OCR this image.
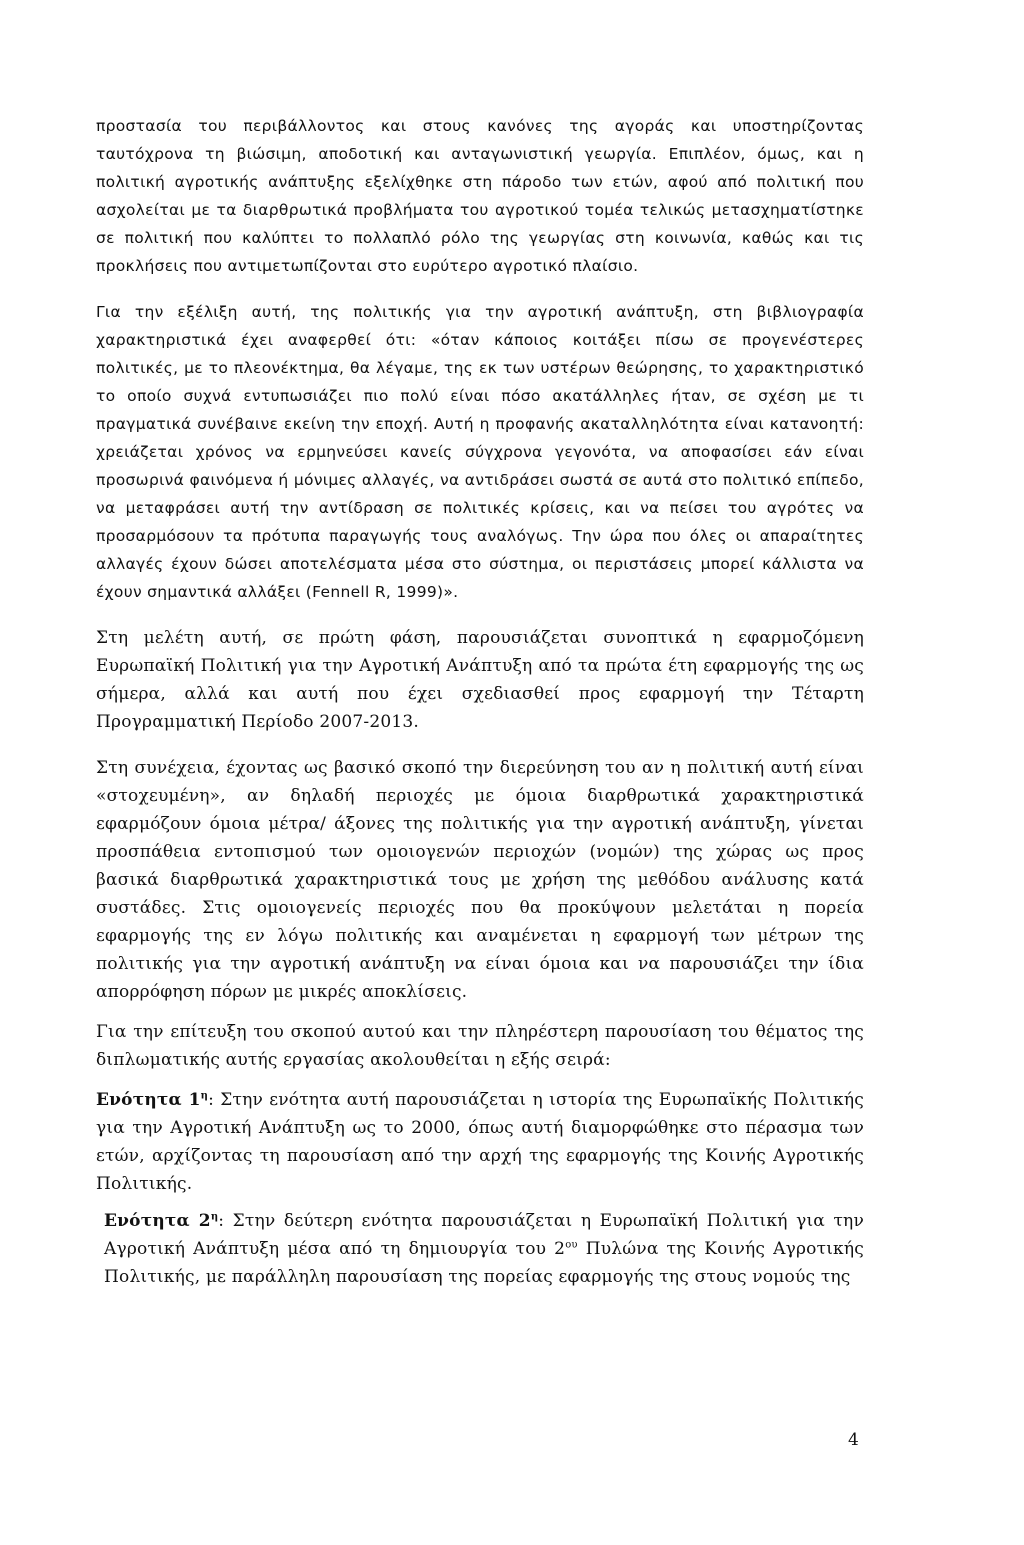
προστασία του περιβάλλοντος και στους κανόνες της αγοράς και υποστηρίζοντας ταυτόχρονα τη βιώσιμη, αποδοτική και ανταγωνιστική γεωργία. Επιπλέον, όμως, και η πολιτική αγροτικής ανάπτυξης εξελίχθηκε στη πάροδο των ετών, αφού από πολιτική που ασχολείται με τα διαρθρωτικά προβλήματα του αγροτικού τομέα τελικώς μετασχηματίστηκε σε πολιτική που καλύπτει το πολλαπλό ρόλο της γεωργίας στη κοινωνία, καθώς και τις προκλήσεις που αντιμετωπίζονται στο ευρύτερο αγροτικό πλαίσιο.

Για την εξέλιξη αυτή, της πολιτικής για την αγροτική ανάπτυξη, στη βιβλιογραφία χαρακτηριστικά έχει αναφερθεί ότι: «όταν κάποιος κοιτάξει πίσω σε προγενέστερες πολιτικές, με το πλεονέκτημα, θα λέγαμε, της εκ των υστέρων θεώρησης, το χαρακτηριστικό το οποίο συχνά εντυπωσιάζει πιο πολύ είναι πόσο ακατάλληλες ήταν, σε σχέση με τι πραγματικά συνέβαινε εκείνη την εποχή. Αυτή η προφανής ακαταλληλότητα είναι κατανοητή: χρειάζεται χρόνος να ερμηνεύσει κανείς σύγχρονα γεγονότα, να αποφασίσει εάν είναι προσωρινά φαινόμενα ή μόνιμες αλλαγές, να αντιδράσει σωστά σε αυτά στο πολιτικό επίπεδο, να μεταφράσει αυτή την αντίδραση σε πολιτικές κρίσεις, και να πείσει του αγρότες να προσαρμόσουν τα πρότυπα παραγωγής τους αναλόγως. Την ώρα που όλες οι απαραίτητες αλλαγές έχουν δώσει αποτελέσματα μέσα στο σύστημα, οι περιστάσεις μπορεί κάλλιστα να έχουν σημαντικά αλλάξει (Fennell R, 1999)».

Στη μελέτη αυτή, σε πρώτη φάση, παρουσιάζεται συνοπτικά η εφαρμοζόμενη Ευρωπαϊκή Πολιτική για την Αγροτική Ανάπτυξη από τα πρώτα έτη εφαρμογής της ως σήμερα, αλλά και αυτή που έχει σχεδιασθεί προς εφαρμογή την Τέταρτη Προγραμματική Περίοδο 2007-2013.

Στη συνέχεια, έχοντας ως βασικό σκοπό την διερεύνηση του αν η πολιτική αυτή είναι «στοχευμένη», αν δηλαδή περιοχές με όμοια διαρθρωτικά χαρακτηριστικά εφαρμόζουν όμοια μέτρα/ άξονες της πολιτικής για την αγροτική ανάπτυξη, γίνεται προσπάθεια εντοπισμού των ομοιογενών περιοχών (νομών) της χώρας ως προς βασικά διαρθρωτικά χαρακτηριστικά τους με χρήση της μεθόδου ανάλυσης κατά συστάδες. Στις ομοιογενείς περιοχές που θα προκύψουν μελετάται η πορεία εφαρμογής της εν λόγω πολιτικής και αναμένεται η εφαρμογή των μέτρων της πολιτικής για την αγροτική ανάπτυξη να είναι όμοια και να παρουσιάζει την ίδια απορρόφηση πόρων με μικρές αποκλίσεις.

Για την επίτευξη του σκοπού αυτού και την πληρέστερη παρουσίαση του θέματος της διπλωματικής αυτής εργασίας ακολουθείται η εξής σειρά:

Ενότητα $1^\eta$: Στην ενότητα αυτή παρουσιάζεται η ιστορία της Ευρωπαϊκής Πολιτικής για την Αγροτική Ανάπτυξη ως το 2000, όπως αυτή διαμορφώθηκε στο πέρασμα των ετών, αρχίζοντας τη παρουσίαση από την αρχή της εφαρμογής της Κοινής Αγροτικής Πολιτικής.

Ενότητα $2^\eta$: Στην δεύτερη ενότητα παρουσιάζεται η Ευρωπαϊκή Πολιτική για την Αγροτική Ανάπτυξη μέσα από τη δημιουργία του $2^{o\upsilon}$ Πυλώνα της Κοινής Αγροτικής Πολιτικής, με παράλληλη παρουσίαση της πορείας εφαρμογής της στους νομούς της

4
